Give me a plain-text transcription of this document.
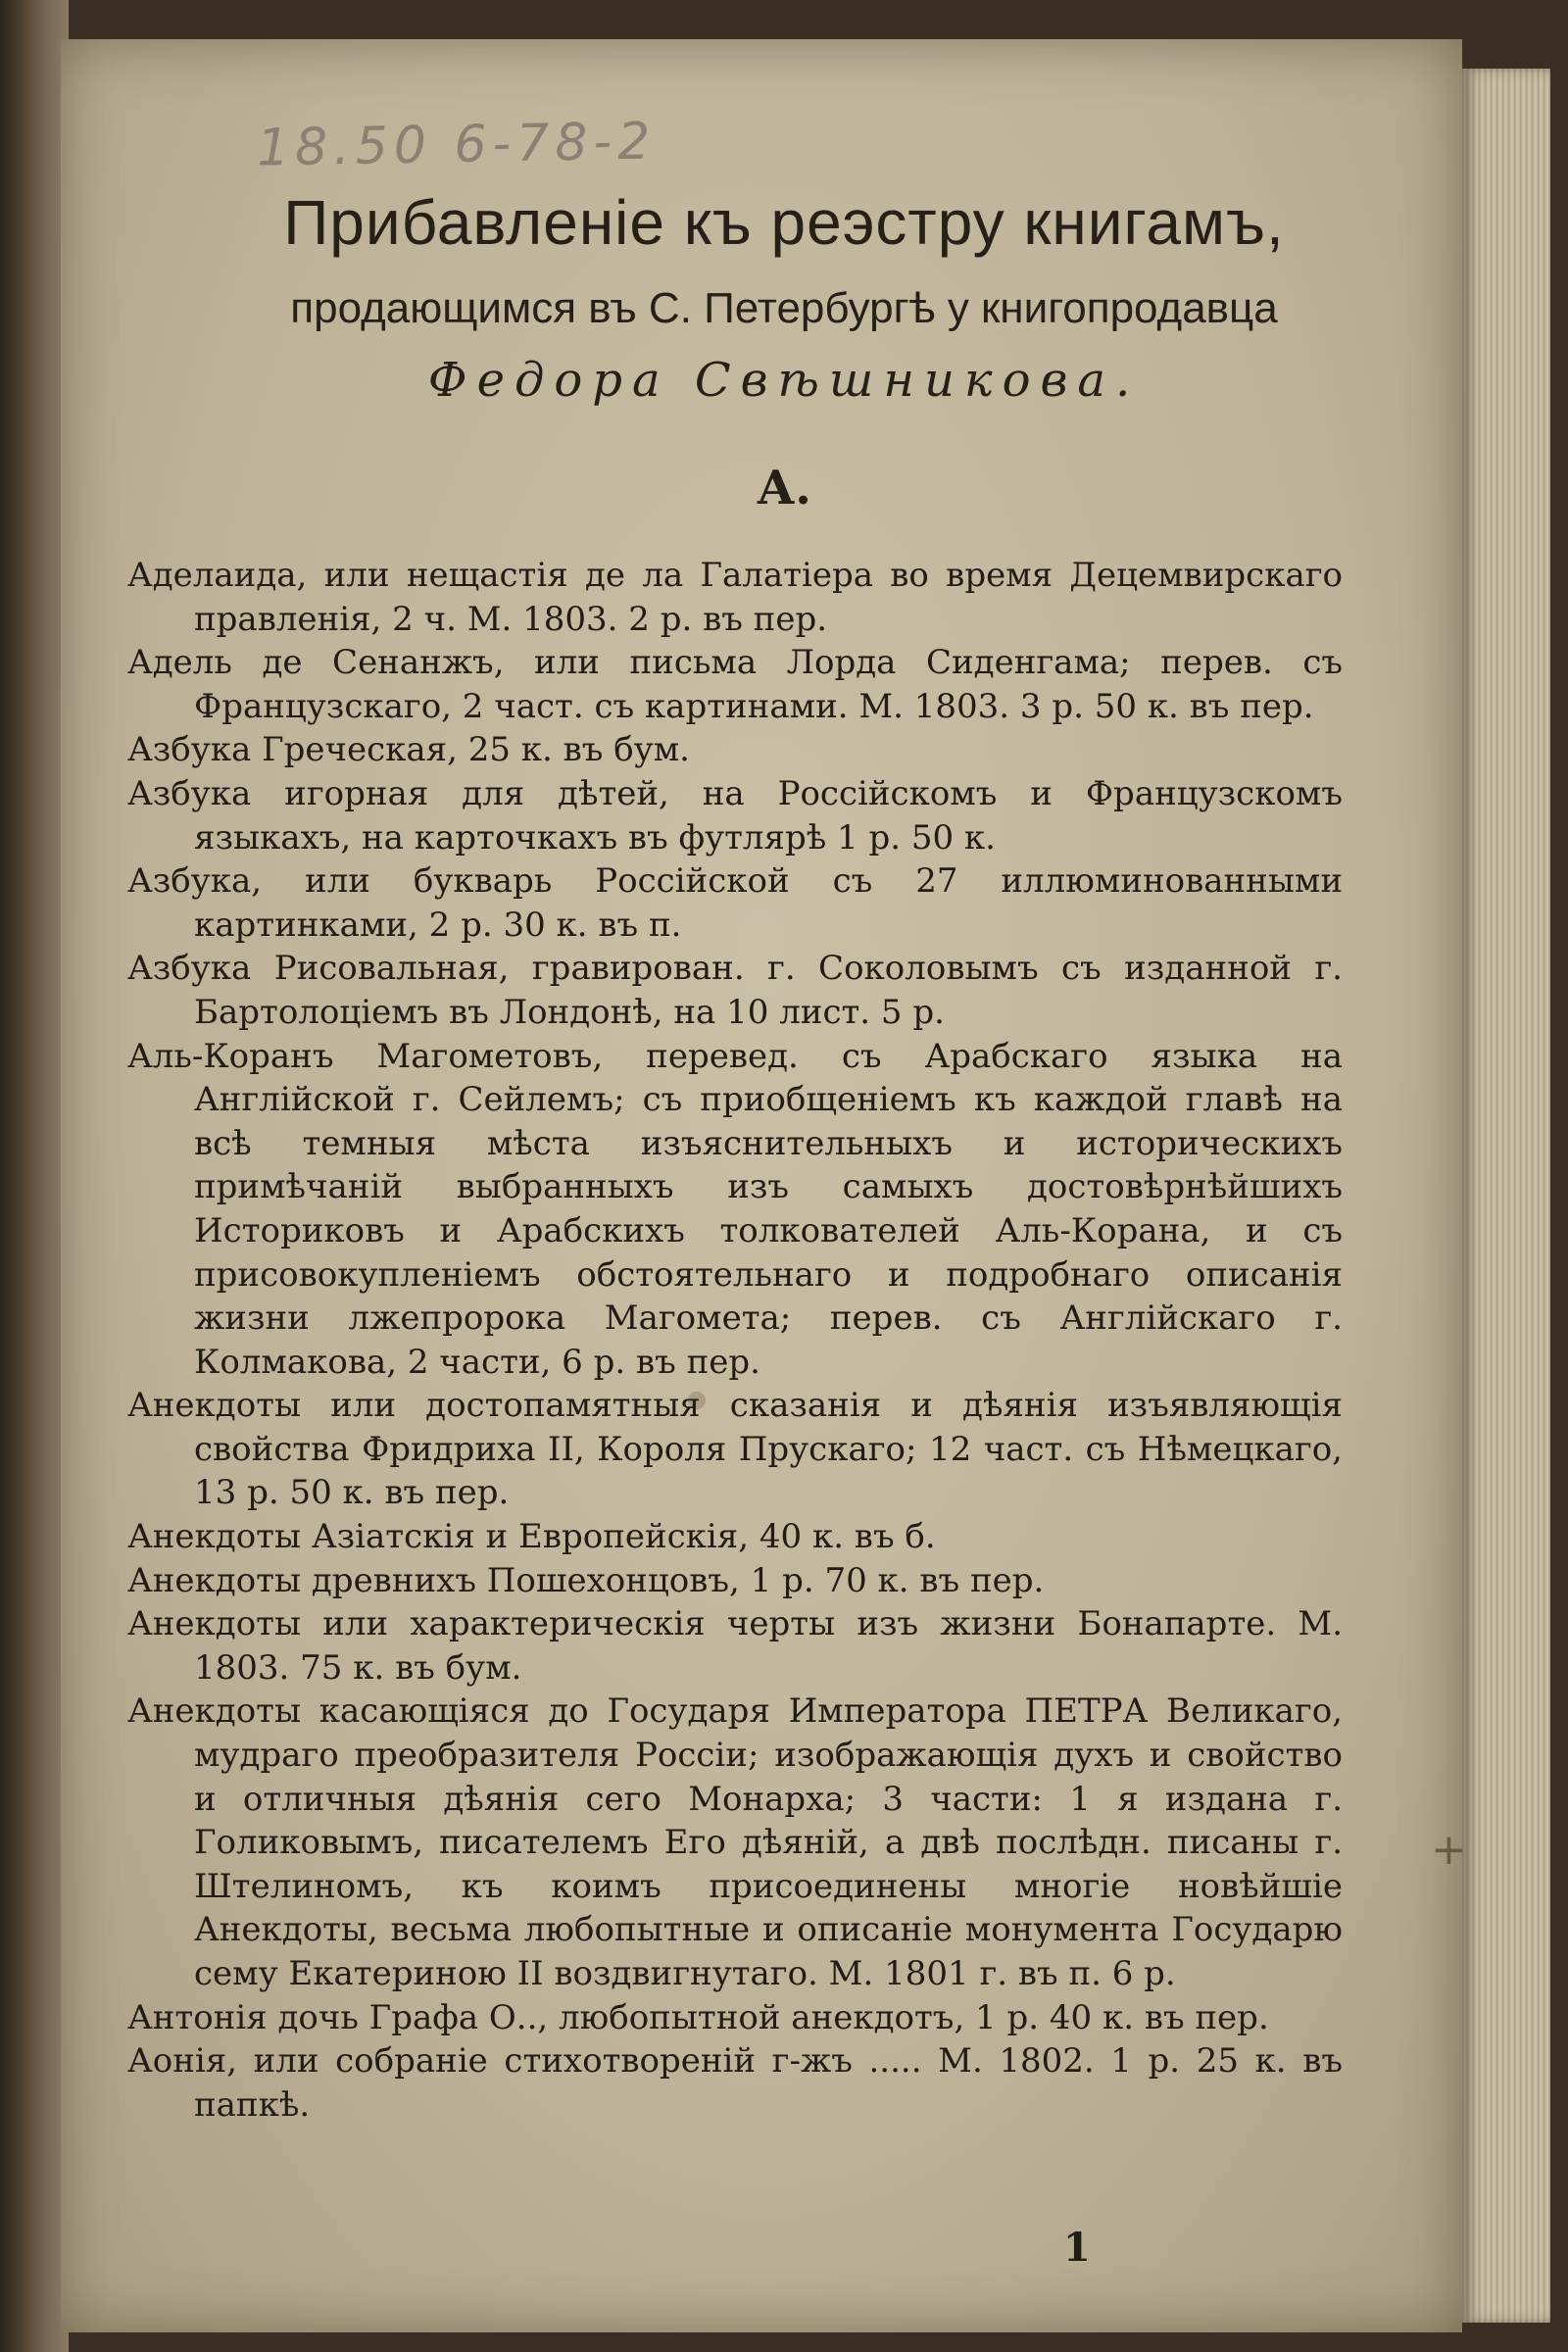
18.50 6-78-2
Прибавленіе къ реэстру книгамъ,
продающимся въ С. Петербургѣ у книгопродавца
Федора Свѣшникова.
А.

Аделаида, или нещастія де ла Галатіера во время Децемвирскаго правленія, 2 ч. М. 1803. 2 р. въ пер.

Адель де Сенанжъ, или письма Лорда Сиденгама; перев. съ Французскаго, 2 част. съ картинами. М. 1803. 3 р. 50 к. въ пер.

Азбука Греческая, 25 к. въ бум.

Азбука игорная для дѣтей, на Россійскомъ и Французскомъ языкахъ, на карточкахъ въ футлярѣ 1 р. 50 к.

Азбука, или букварь Россійской съ 27 иллюминованными картинками, 2 р. 30 к. въ п.

Азбука Рисовальная, гравирован. г. Соколовымъ съ изданной г. Бартолоціемъ въ Лондонѣ, на 10 лист. 5 р.

Аль-Коранъ Магометовъ, перевед. съ Арабскаго языка на Англійской г. Сейлемъ; съ приобщеніемъ къ каждой главѣ на всѣ темныя мѣста изъяснительныхъ и историческихъ примѣчаній выбранныхъ изъ самыхъ достовѣрнѣйшихъ Историковъ и Арабскихъ толкователей Аль-Корана, и съ присовокупленіемъ обстоятельнаго и подробнаго описанія жизни лжепророка Магомета; перев. съ Англійскаго г. Колмакова, 2 части, 6 р. въ пер.

Анекдоты или достопамятныя сказанія и дѣянія изъявляющія свойства Фридриха II, Короля Прускаго; 12 част. съ Нѣмецкаго, 13 р. 50 к. въ пер.

Анекдоты Азіатскія и Европейскія, 40 к. въ б.

Анекдоты древнихъ Пошехонцовъ, 1 р. 70 к. въ пер.

Анекдоты или характерическія черты изъ жизни Бонапарте. М. 1803. 75 к. въ бум.

Анекдоты касающіяся до Государя Императора ПЕТРА Великаго, мудраго преобразителя Россіи; изображающія духъ и свойство и отличныя дѣянія сего Монарха; 3 части: 1 я издана г. Голиковымъ, писателемъ Его дѣяній, а двѣ послѣдн. писаны г. Штелиномъ, къ коимъ присоединены многіе новѣйшіе Анекдоты, весьма любопытные и описаніе монумента Государю сему Екатериною II воздвигнутаго. М. 1801 г. въ п. 6 р.

Антонія дочь Графа О.., любопытной анекдотъ, 1 р. 40 к. въ пер.

Аонія, или собраніе стихотвореній г-жъ ..... М. 1802. 1 р. 25 к. въ папкѣ.

+
1
